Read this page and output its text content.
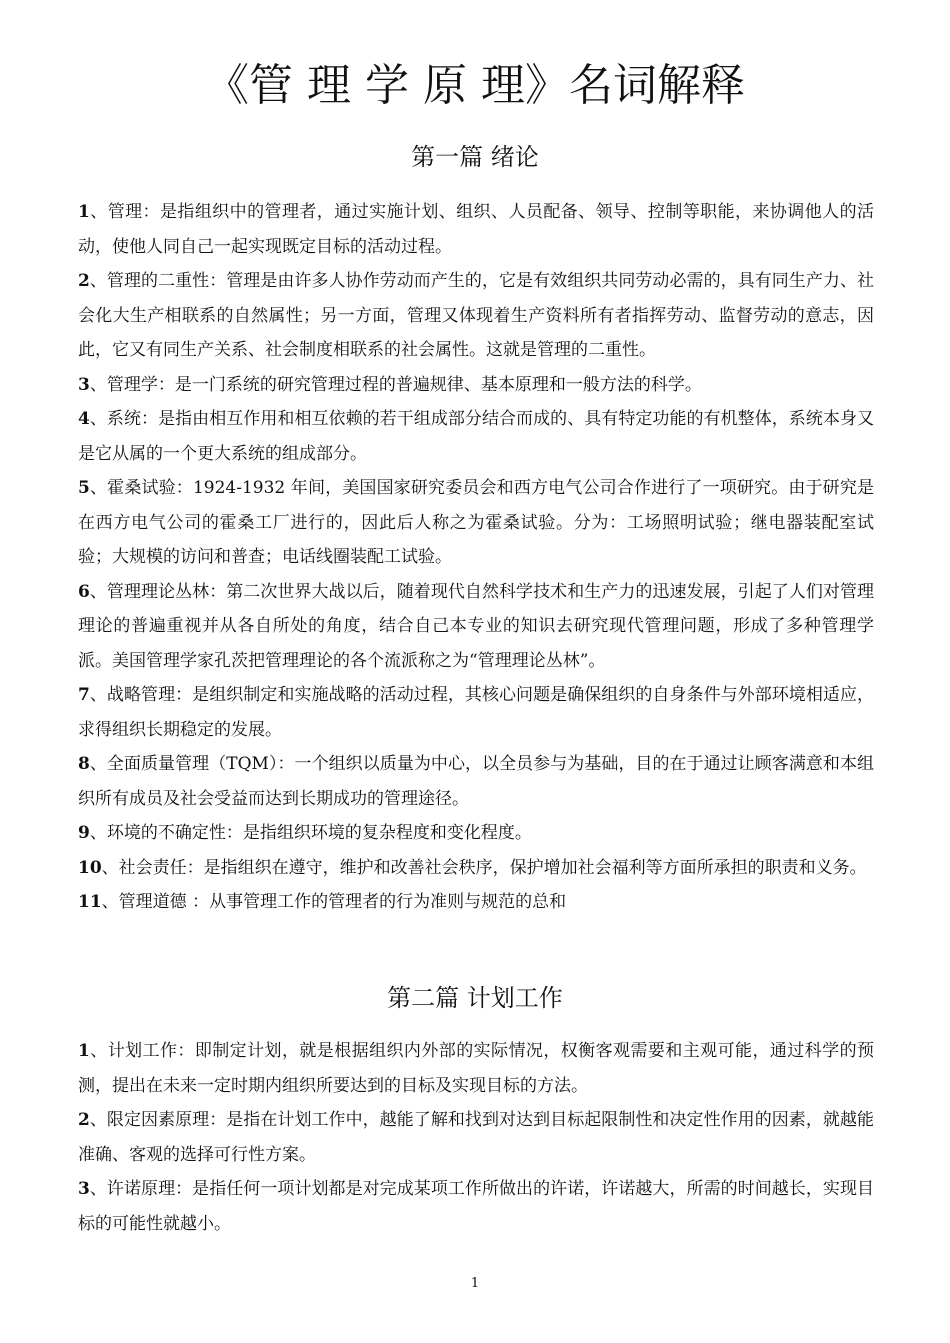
《管 理 学 原 理》名词解释
第一篇 绪论
1、管理：是指组织中的管理者，通过实施计划、组织、人员配备、领导、控制等职能，来协调他人的活动，使他人同自己一起实现既定目标的活动过程。
2、管理的二重性：管理是由许多人协作劳动而产生的，它是有效组织共同劳动必需的，具有同生产力、社会化大生产相联系的自然属性；另一方面，管理又体现着生产资料所有者指挥劳动、监督劳动的意志，因此，它又有同生产关系、社会制度相联系的社会属性。这就是管理的二重性。
3、管理学：是一门系统的研究管理过程的普遍规律、基本原理和一般方法的科学。
4、系统：是指由相互作用和相互依赖的若干组成部分结合而成的、具有特定功能的有机整体，系统本身又是它从属的一个更大系统的组成部分。
5、霍桑试验：1924-1932 年间，美国国家研究委员会和西方电气公司合作进行了一项研究。由于研究是在西方电气公司的霍桑工厂进行的，因此后人称之为霍桑试验。分为：工场照明试验；继电器装配室试验；大规模的访问和普查；电话线圈装配工试验。
6、管理理论丛林：第二次世界大战以后，随着现代自然科学技术和生产力的迅速发展，引起了人们对管理理论的普遍重视并从各自所处的角度，结合自己本专业的知识去研究现代管理问题，形成了多种管理学派。美国管理学家孔茨把管理理论的各个流派称之为“管理理论丛林”。
7、战略管理：是组织制定和实施战略的活动过程，其核心问题是确保组织的自身条件与外部环境相适应，求得组织长期稳定的发展。
8、全面质量管理（TQM）：一个组织以质量为中心，以全员参与为基础，目的在于通过让顾客满意和本组织所有成员及社会受益而达到长期成功的管理途径。
9、环境的不确定性：是指组织环境的复杂程度和变化程度。
10、社会责任：是指组织在遵守，维护和改善社会秩序，保护增加社会福利等方面所承担的职责和义务。
11、管理道德 ：从事管理工作的管理者的行为准则与规范的总和
第二篇 计划工作
1、计划工作：即制定计划，就是根据组织内外部的实际情况，权衡客观需要和主观可能，通过科学的预测，提出在未来一定时期内组织所要达到的目标及实现目标的方法。
2、限定因素原理：是指在计划工作中，越能了解和找到对达到目标起限制性和决定性作用的因素，就越能准确、客观的选择可行性方案。
3、许诺原理：是指任何一项计划都是对完成某项工作所做出的许诺，许诺越大，所需的时间越长，实现目标的可能性就越小。
1
